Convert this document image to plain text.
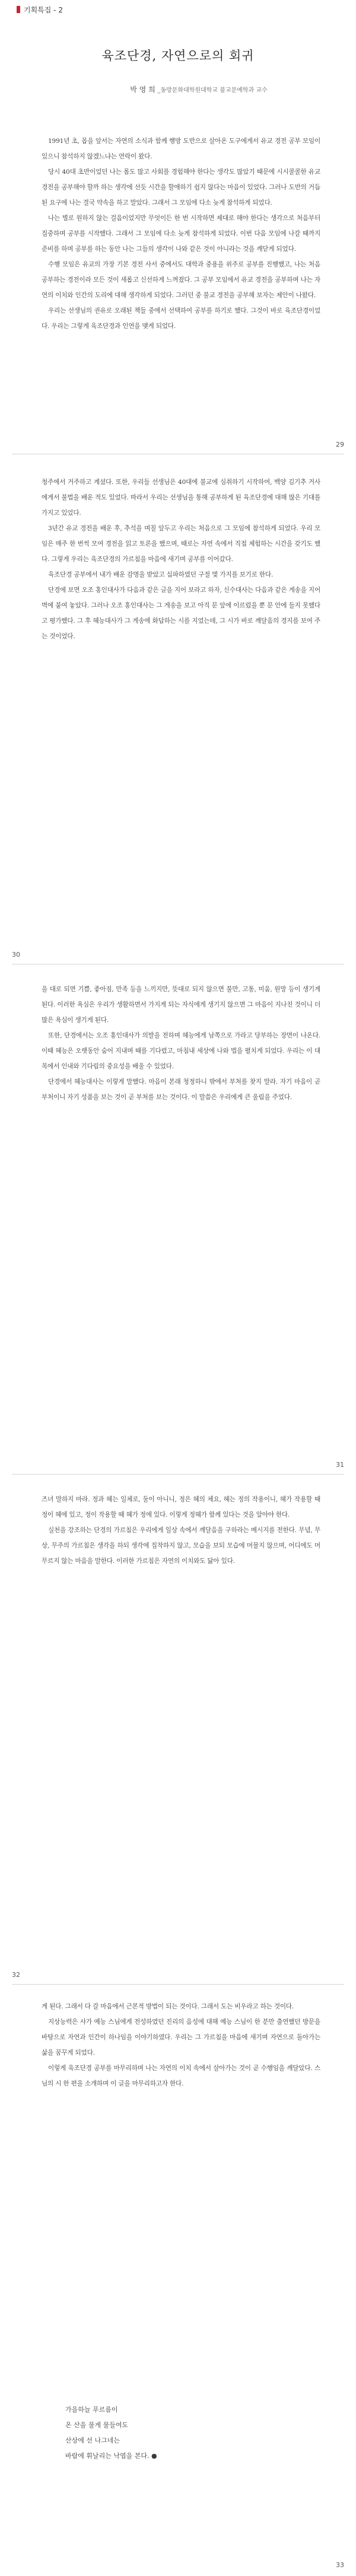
기획특집 - 2
육조단경, 자연으로의 회귀
박 영 희 _동방문화대학원대학교 불교문예학과 교수

1991년 초, 몹을 앞서는 자연의 소식과 함께 행방 도반으로 살아온 도구에게서 유교 경전 공부 모임이 있으니 참석하지 않겠느냐는 연락이 왔다.

당시 40대 초반이었던 나는 몸도 많고 사회를 경험해야 한다는 생각도 많았기 때문에 시시콜콜한 유교 경전을 공부해야 할까 하는 생각에 선듯 시간을 할애하기 쉽지 않다는 마음이 있었다. 그러나 도반의 거듭된 요구에 나는 결국 약속을 하고 말았다. 그래서 그 모임에 다소 늦게 참석하게 되었다.

나는 별로 원하지 않는 걸음이었지만 무엇이든 한 번 시작하면 제대로 해야 한다는 생각으로 처음부터 집중하며 공부를 시작했다. 그래서 그 모임에 다소 늦게 참석하게 되었다. 이번 다음 모임에 나갈 때까지 준비를 하며 공부를 하는 동안 나는 그들의 생각이 나와 같은 것이 아니라는 것을 깨닫게 되었다.

수행 모임은 유교의 가장 기본 경전 사서 중에서도 대학과 중용을 위주로 공부를 진행했고, 나는 처음 공부하는 경전이라 모든 것이 새롭고 신선하게 느껴졌다. 그 공부 모임에서 유교 경전을 공부하며 나는 자연의 이치와 인간의 도리에 대해 생각하게 되었다. 그러던 중 불교 경전을 공부해 보자는 제안이 나왔다.

우리는 선생님의 권유로 오래된 책들 중에서 선택하여 공부를 하기로 했다. 그것이 바로 육조단경이었다. 우리는 그렇게 육조단경과 인연을 맺게 되었다.

29

청주에서 거주하고 계셨다. 또한, 우리들 선생님은 40대에 불교에 심취하기 시작하여, 백양 김기추 거사에게서 불법을 배운 적도 있었다. 따라서 우리는 선생님을 통해 공부하게 된 육조단경에 대해 많은 기대를 가지고 있었다.

3년간 유교 경전을 배운 후, 추석을 며칠 앞두고 우리는 처음으로 그 모임에 참석하게 되었다. 우리 모임은 매주 한 번씩 모여 경전을 읽고 토론을 했으며, 때로는 자연 속에서 직접 체험하는 시간을 갖기도 했다. 그렇게 우리는 육조단경의 가르침을 마음에 새기며 공부를 이어갔다.

육조단경 공부에서 내가 배운 감명을 받았고 십파하였던 구절 몇 가지를 보기로 한다.

단경에 보면 오조 홍인대사가 다음과 같은 글을 지어 보라고 하자, 신수대사는 다음과 같은 게송을 지어 벽에 붙여 놓았다. 그러나 오조 홍인대사는 그 게송을 보고 아직 문 앞에 이르렀을 뿐 문 안에 들지 못했다고 평가했다. 그 후 혜능대사가 그 게송에 화답하는 시를 지었는데, 그 시가 바로 깨달음의 경지를 보여 주는 것이었다.

30

을 대로 되면 기쁨, 좋아짐, 만족 등을 느끼지만, 뜻대로 되지 않으면 불만, 고통, 미움, 원망 등이 생기게 된다. 이러한 욕심은 우리가 생활하면서 가지게 되는 자식에게 생기지 않으면 그 마음이 지나친 것이니 더 많은 욕심이 생기게 된다.

또한, 단경에서는 오조 홍인대사가 의발을 전하며 혜능에게 남쪽으로 가라고 당부하는 장면이 나온다. 이때 혜능은 오랫동안 숨어 지내며 때를 기다렸고, 마침내 세상에 나와 법을 펼치게 되었다. 우리는 이 대목에서 인내와 기다림의 중요성을 배울 수 있었다.

단경에서 혜능대사는 이렇게 말했다. 마음이 본래 청정하니 밖에서 부처를 찾지 말라. 자기 마음이 곧 부처이니 자기 성품을 보는 것이 곧 부처를 보는 것이다. 이 말씀은 우리에게 큰 울림을 주었다.

31

즈녀 말하지 마라. 정과 혜는 일체로, 둘이 아니니, 정은 혜의 체요, 혜는 정의 작용이니, 혜가 작용할 때 정이 혜에 있고, 정이 작용할 때 혜가 정에 있다. 이렇게 정혜가 함께 있다는 것을 알아야 한다.

실천을 강조하는 단경의 가르침은 우리에게 일상 속에서 깨달음을 구하라는 메시지를 전한다. 무념, 무상, 무주의 가르침은 생각을 하되 생각에 집착하지 않고, 모습을 보되 모습에 머물지 않으며, 어디에도 머무르지 않는 마음을 말한다. 이러한 가르침은 자연의 이치와도 닮아 있다.

32

게 된다. 그래서 다 갈 마음에서 근본적 방법이 되는 것이다. 그래서 도는 비우라고 하는 것이다.

지상능력은 사가 예능 스님에게 전성하였던 진리의 음성에 대해 예능 스님이 한 분만 출연했던 방문을 바탕으로 자연과 인간이 하나임을 이야기하였다. 우리는 그 가르침을 마음에 새기며 자연으로 돌아가는 삶을 꿈꾸게 되었다.

이렇게 육조단경 공부를 마무리하며 나는 자연의 이치 속에서 살아가는 것이 곧 수행임을 깨달았다. 스님의 시 한 편을 소개하며 이 글을 마무리하고자 한다.

가을하늘 푸르름이
온 산을 물게 물들여도
산상에 선 나그네는
바람에 휘날리는 낙엽을 본다. ●
33
